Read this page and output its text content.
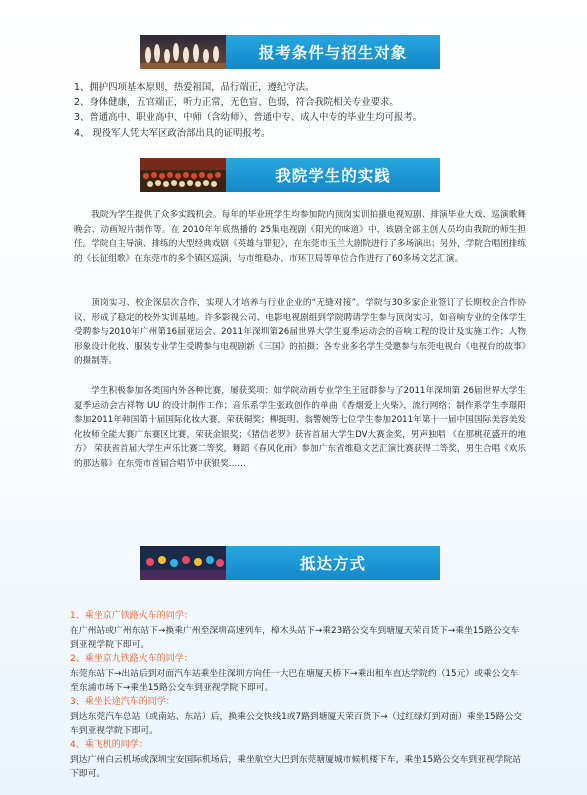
报考条件与招生对象
1、拥护四项基本原则，热爱祖国，品行端正，遵纪守法。
2、身体健康，五官端正，听力正常，无色盲、色弱，符合我院相关专业要求。
3、普通高中、职业高中、中师（含幼师）、普通中专、成人中专的毕业生均可报考。
4、 现役军人凭大军区政治部出具的证明报考。
我院学生的实践

我院为学生提供了众多实践机会。每年的毕业班学生均参加院内顶岗实训拍摄电视短剧、排演毕业大戏、巡演歌舞晚会、动画短片制作等。在 2010年年底热播的 25集电视剧《阳光的味道》中，该剧全部主创人员均由我院的师生担任。学院自主导演、排练的大型经典戏剧《英雄与罪犯》，在东莞市玉兰大剧院进行了多场演出；另外，学院合唱团排练的《长征组歌》在东莞市的多个镇区巡演，与市维稳办、市环卫局等单位合作进行了60多场文艺汇演。

顶岗实习、校企深层次合作，实现人才培养与行业企业的“无缝对接”。学院与30多家企业签订了长期校企合作协议，形成了稳定的校外实训基地。许多影视公司、电影电视剧组到学院聘请学生参与顶岗实习，如音响专业的全体学生受聘参与2010年广州第16届亚运会、2011年深圳第26届世界大学生夏季运动会的音响工程的设计及实施工作；人物形象设计化妆、服装专业学生受聘参与电视剧新《三国》的拍摄；各专业多名学生受邀参与东莞电视台《电视台的故事》的摄制等。

学生积极参加各类国内外各种比赛，屡获奖项：如学院动画专业学生王冠群参与了2011年深圳第 26届世界大学生夏季运动会吉祥物 UU 的设计制作工作；音乐系学生张政创作的单曲《香烟爱上火柴》，流行网络；制作系学生李璟阳参加2011年韩国第十届国际化妆大赛，荣获铜奖；柳挺明、翁警婉等七位学生参加2011年第十一届中国国际美容美发化妆师全能大赛广东赛区比赛，荣获金银奖；《猪信老罗》获省首届大学生DV大赛金奖，男声独唱 《在那桃花盛开的地方》 荣获省首届大学生声乐比赛二等奖，舞蹈《春风化雨》参加广东省维稳文艺汇演比赛获得二等奖，男生合唱《欢乐的那达慕》在东莞市首届合唱节中获银奖……

抵达方式

1、乘坐京广铁路火车的同学：

在广州站或广州东站下→换乘广州至深圳高速列车，樟木头站下→乘23路公交车到塘厦天荣百货下→乘坐15路公交车到亚视学院下即可。

2、乘坐京九铁路火车的同学：

东莞东站下→出站后到对面汽车站乘坐往深圳方向任一大巴在塘厦天桥下→乘出租车直达学院约（15元）或乘公交车至东浦市场下→乘坐15路公交车到亚视学院下即可。

3、乘坐长途汽车的同学：

到达东莞汽车总站（或南站、东站）后，换乘公交快线1或7路到塘厦天荣百货下→（过红绿灯到对面）乘坐15路公交车到亚视学院下即可。

4、乘飞机的同学：

到达广州白云机场或深圳宝安国际机场后，乘坐航空大巴到东莞塘厦城市候机楼下车，乘坐15路公交车到亚视学院站下即可。
